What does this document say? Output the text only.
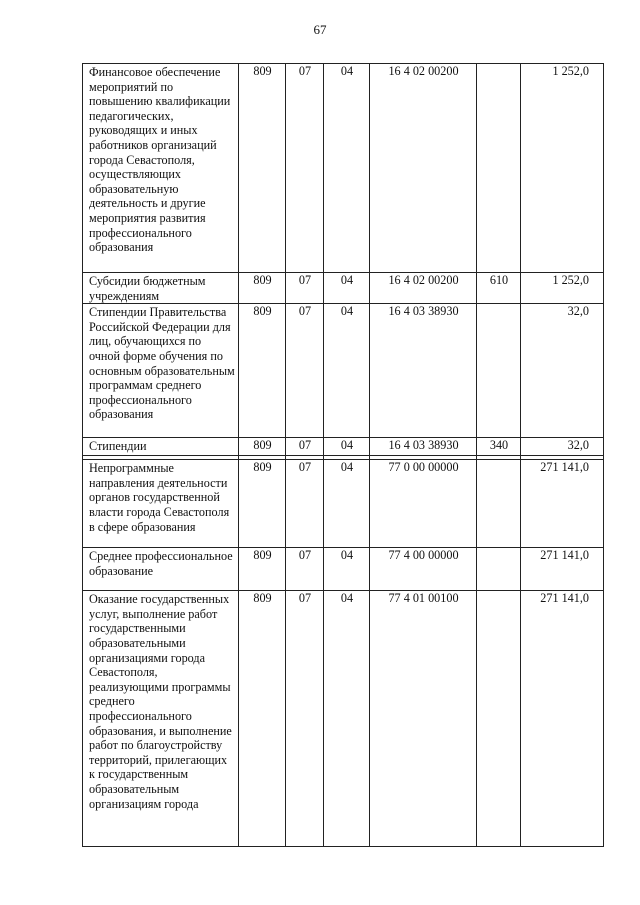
67
Финансовое обеспечение мероприятий по повышению квалификации педагогических, руководящих и иных работников организаций города Севастополя, осуществляющих образовательную деятельность и другие мероприятия развития профессионального образования	809	07	04	16 4 02 00200		1 252,0
Субсидии бюджетным учреждениям	809	07	04	16 4 02 00200	610	1 252,0
Стипендии Правительства Российской Федерации для лиц, обучающихся по очной форме обучения по основным образовательным программам среднего профессионального образования	809	07	04	16 4 03 38930		32,0
Стипендии	809	07	04	16 4 03 38930	340	32,0

Непрограммные направления деятельности органов государственной власти города Севастополя в сфере образования	809	07	04	77 0 00 00000		271 141,0
Среднее профессиональное образование	809	07	04	77 4 00 00000		271 141,0
Оказание государственных услуг, выполнение работ государственными образовательными организациями города Севастополя, реализующими программы среднего профессионального образования, и выполнение работ по благоустройству территорий, прилегающих к государственным образовательным организациям города	809	07	04	77 4 01 00100		271 141,0
